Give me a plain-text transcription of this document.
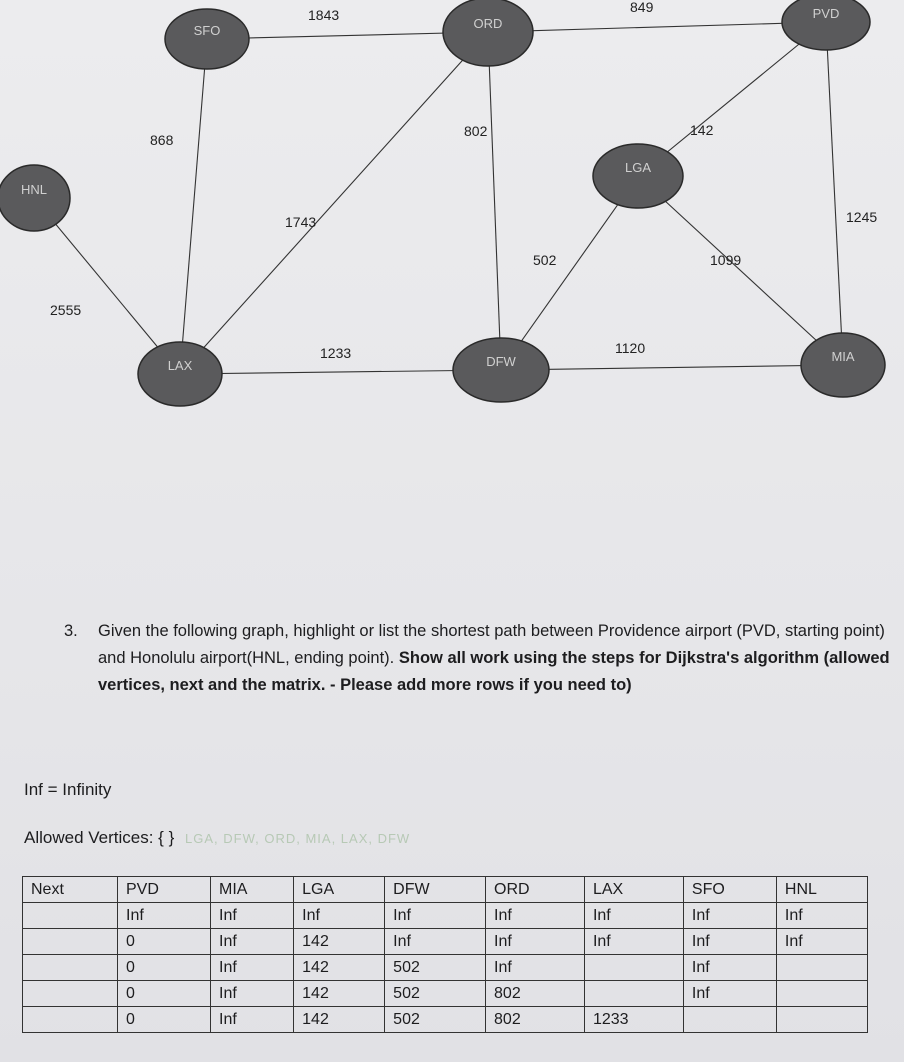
SFO	ORD
PVD
LGA
HNL
LAX	DFW	MIA
1843	849
868
802	142
1743	1245
502	1099
2555
1233	1120
3. Given the following graph, highlight or list the shortest path between Providence airport (PVD, starting point) and Honolulu airport(HNL, ending point). Show all work using the steps for Dijkstra's algorithm (allowed vertices, next and the matrix. - Please add more rows if you need to)
Inf = Infinity
Allowed Vertices: { } LGA, DFW, ORD, MIA, LAX, DFW
Next	PVD	MIA	LGA	DFW	ORD	LAX	SFO	HNL
	Inf	Inf	Inf	Inf	Inf	Inf	Inf	Inf
	0	Inf	142	Inf	Inf	Inf	Inf	Inf
	0	Inf	142	502	Inf		Inf	
	0	Inf	142	502	802		Inf	
	0	Inf	142	502	802	1233		
